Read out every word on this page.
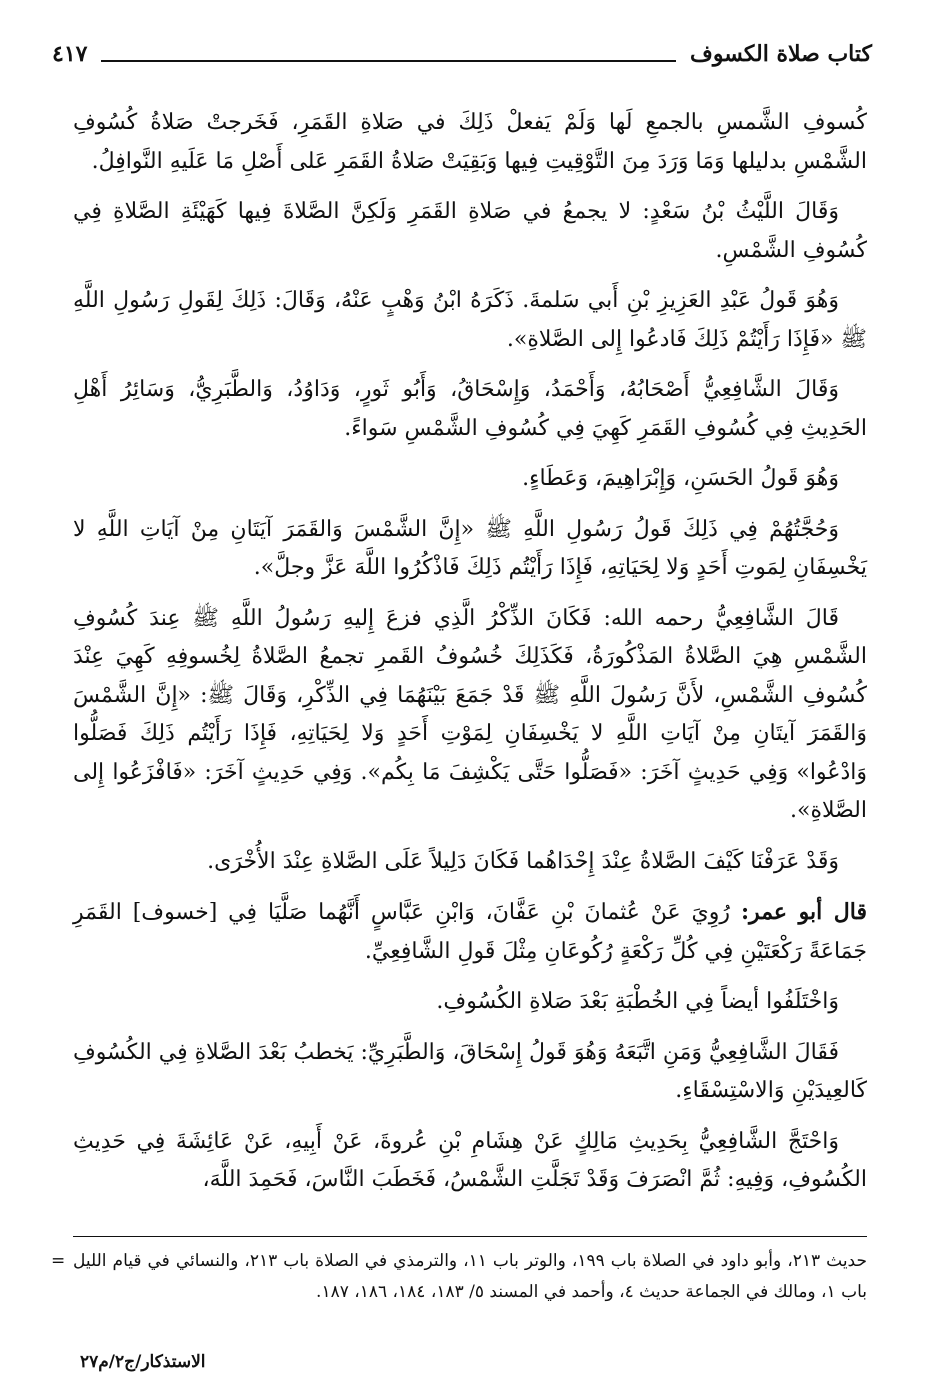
كتاب صلاة الكسوف
٤١٧

كُسوفِ الشَّمسِ بالجمعِ لَها وَلَمْ يَفعلْ ذَلِكَ في صَلاةِ القَمَرِ، فَخَرجتْ صَلاةُ كُسُوفِ الشَّمْسِ بدليلها وَمَا وَرَدَ مِنَ التَّوْقِيتِ فِيها وَبَقِيَتْ صَلاةُ القَمَرِ عَلى أَصْلِ مَا عَلَيهِ النَّوافِلُ.

وَقَالَ اللَّيْثُ بْنُ سَعْدٍ: لا يجمعُ في صَلاةِ القَمَرِ وَلَكِنَّ الصَّلاةَ فِيها كَهَيْئَةِ الصَّلاةِ فِي كُسُوفِ الشَّمْسِ.

وَهُوَ قَولُ عَبْدِ العَزِيزِ بْنِ أَبي سَلمةَ. ذَكَرَهُ ابْنُ وَهْبٍ عَنْهُ، وَقَالَ: ذَلِكَ لِقَولِ رَسُولِ اللَّهِ ﷺ «فَإِذَا رَأَيْتُمْ ذَلِكَ فَادعُوا إِلى الصَّلاةِ».

وَقَالَ الشَّافِعِيُّ أَصْحَابُهُ، وَأَحْمَدُ، وَإِسْحَاقُ، وَأَبُو ثَورٍ، وَدَاوُدُ، وَالطَّبَرِيُّ، وَسَائِرُ أَهْلِ الحَدِيثِ فِي كُسُوفِ القَمَرِ كَهِيَ فِي كُسُوفِ الشَّمْسِ سَواءً.

وَهُوَ قَولُ الحَسَنِ، وَإِبْرَاهِيمَ، وَعَطَاءٍ.

وَحُجَّتُهُمْ فِي ذَلِكَ قَولُ رَسُولِ اللَّهِ ﷺ «إِنَّ الشَّمْسَ وَالقَمَرَ آيَتَانِ مِنْ آيَاتِ اللَّهِ لا يَخْسِفَانِ لِمَوتِ أَحَدٍ وَلا لِحَيَاتِهِ، فَإِذَا رَأَيْتُم ذَلِكَ فَاذْكُرُوا اللَّهَ عَزَّ وجلَّ».

قَالَ الشَّافِعِيُّ رحمه الله: فَكَانَ الذِّكْرُ الَّذِي فزعَ إِليهِ رَسُولُ اللَّهِ ﷺ عِندَ كُسُوفِ الشَّمْسِ هِيَ الصَّلاةُ المَذْكُورَةُ، فَكَذَلِكَ خُسُوفُ القَمرِ تجمعُ الصَّلاةُ لِخُسوفِهِ كَهِيَ عِنْدَ كُسُوفِ الشَّمْسِ، لأَنَّ رَسُولَ اللَّهِ ﷺ قَدْ جَمَعَ بَيْنَهُمَا فِي الذِّكْرِ، وَقَالَ ﷺ: «إِنَّ الشَّمْسَ وَالقَمَرَ آيتَانِ مِنْ آيَاتِ اللَّهِ لا يَخْسِفَانِ لِمَوْتِ أَحَدٍ وَلا لِحَيَاتِهِ، فَإِذَا رَأَيْتُم ذَلِكَ فَصَلُّوا وَادْعُوا» وَفِي حَدِيثٍ آخَرَ: «فَصَلُّوا حَتَّى يَكْشِفَ مَا بِكُم». وَفِي حَدِيثٍ آخَرَ: «فَافْزَعُوا إِلى الصَّلاةِ».

وَقَدْ عَرَفْنَا كَيْفَ الصَّلاةُ عِنْدَ إِحْدَاهُما فَكَانَ دَلِيلاً عَلَى الصَّلاةِ عِنْدَ الأُخْرَى.

قال أبو عمر: رُوِيَ عَنْ عُثمانَ بْنِ عَفَّانَ، وَابْنِ عَبَّاسٍ أَنَّهُما صَلَّيَا فِي [خسوف] القَمَرِ جَمَاعَةً رَكْعَتَيْنِ فِي كُلِّ رَكْعَةٍ رُكُوعَانِ مِثْلَ قَولِ الشَّافِعِيِّ.

وَاخْتَلَفُوا أيضاً فِي الخُطْبَةِ بَعْدَ صَلاةِ الكُسُوفِ.

فَقَالَ الشَّافِعِيُّ وَمَنِ اتَّبَعَهُ وَهُوَ قَولُ إِسْحَاقَ، وَالطَّبَرِيِّ: يَخطبُ بَعْدَ الصَّلاةِ فِي الكُسُوفِ كَالعِيدَيْنِ وَالاسْتِسْقَاءِ.

وَاحْتَجَّ الشَّافِعِيُّ بِحَدِيثِ مَالِكٍ عَنْ هِشَامِ بْنِ عُروةَ، عَنْ أَبِيهِ، عَنْ عَائِشَةَ فِي حَدِيثِ الكُسُوفِ، وَفِيهِ: ثُمَّ انْصَرَفَ وَقَدْ تَجَلَّتِ الشَّمْسُ، فَخَطَبَ النَّاسَ، فَحَمِدَ اللَّهَ،

= حديث ٢١٣، وأبو داود في الصلاة باب ١٩٩، والوتر باب ١١، والترمذي في الصلاة باب ٢١٣، والنسائي في قيام الليل باب ١، ومالك في الجماعة حديث ٤، وأحمد في المسند ٥/ ١٨٣، ١٨٤، ١٨٦، ١٨٧.
الاستذكار/ج٢/م٢٧
